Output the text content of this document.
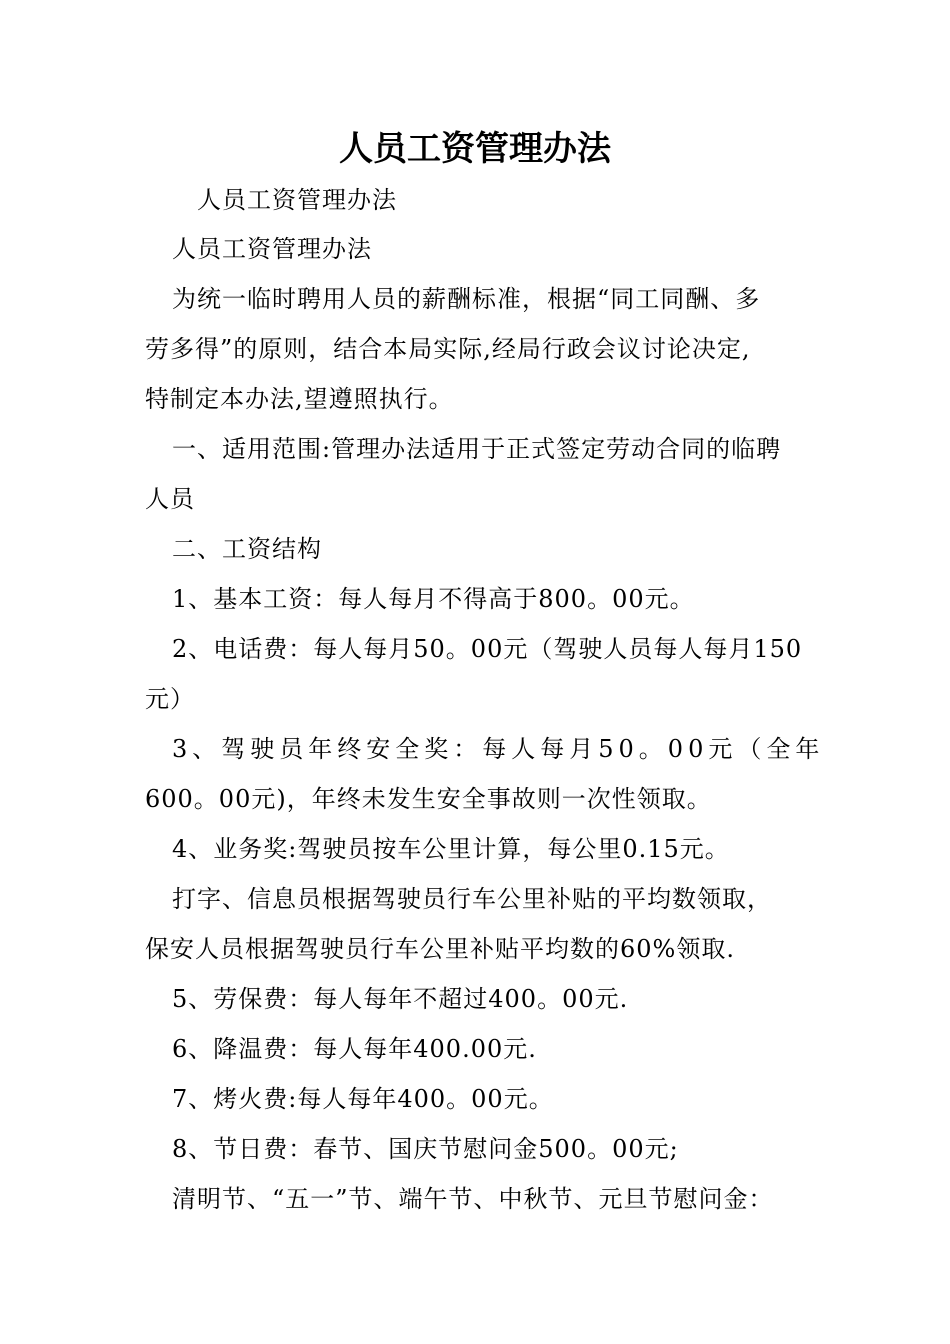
人员工资管理办法
人员工资管理办法
人员工资管理办法
为统一临时聘用人员的薪酬标准，根据“同工同酬、多
劳多得”的原则，结合本局实际,经局行政会议讨论决定,
特制定本办法,望遵照执行。
一、适用范围:管理办法适用于正式签定劳动合同的临聘
人员
二、工资结构
1、基本工资：每人每月不得高于800。00元。
2、电话费：每人每月50。00元（驾驶人员每人每月150
元）
3、驾驶员年终安全奖：每人每月50。00元（全年
600。00元)，年终未发生安全事故则一次性领取。
4、业务奖:驾驶员按车公里计算，每公里0.15元。
打字、信息员根据驾驶员行车公里补贴的平均数领取，
保安人员根据驾驶员行车公里补贴平均数的60%领取.
5、劳保费：每人每年不超过400。00元.
6、降温费：每人每年400.00元.
7、烤火费:每人每年400。00元。
8、节日费：春节、国庆节慰问金500。00元;
清明节、“五一”节、端午节、中秋节、元旦节慰问金：
